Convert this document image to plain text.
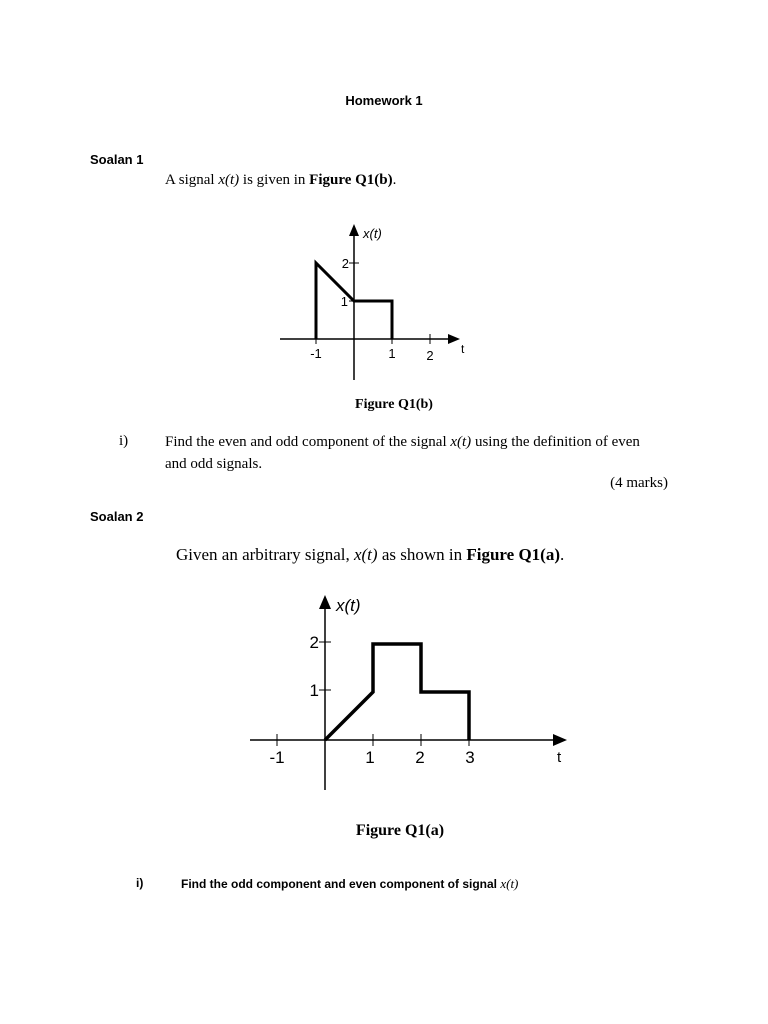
Homework 1
Soalan 1
A signal x(t) is given in Figure Q1(b).
-1	1 2 t
1
2
x(t)
Figure Q1(b)
i) Find the even and odd component of the signal x(t) using the definition of even and odd signals.
(4 marks)
Soalan 2
Given an arbitrary signal, x(t) as shown in Figure Q1(a).
-1	1 2 3	t
1
2
x(t)
Figure Q1(a)
i)	Find the odd component and even component of signal x(t)
